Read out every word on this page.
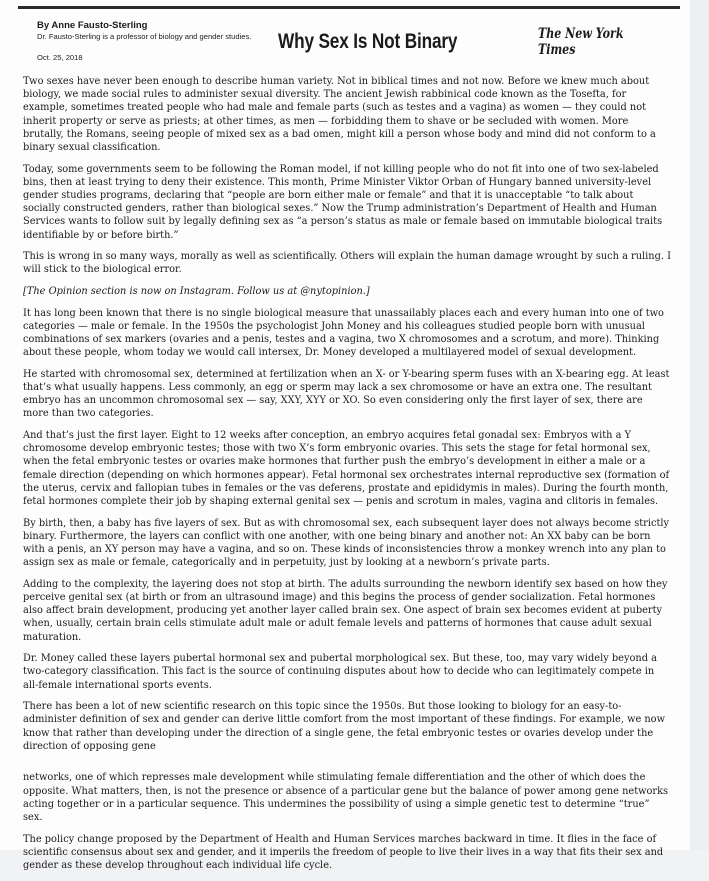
By Anne Fausto-Sterling
Dr. Fausto-Sterling is a professor of biology and gender studies.
Oct. 25, 2018
Why Sex Is Not Binary	The New York Times

Two sexes have never been enough to describe human variety. Not in biblical times and not now. Before we knew much about biology, we made social rules to administer sexual diversity. The ancient Jewish rabbinical code known as the Tosefta, for example, sometimes treated people who had male and female parts (such as testes and a vagina) as women — they could not inherit property or serve as priests; at other times, as men — forbidding them to shave or be secluded with women. More brutally, the Romans, seeing people of mixed sex as a bad omen, might kill a person whose body and mind did not conform to a binary sexual classification.

Today, some governments seem to be following the Roman model, if not killing people who do not fit into one of two sex-labeled bins, then at least trying to deny their existence. This month, Prime Minister Viktor Orban of Hungary banned university-level gender studies programs, declaring that “people are born either male or female” and that it is unacceptable “to talk about socially constructed genders, rather than biological sexes.” Now the Trump administration’s Department of Health and Human Services wants to follow suit by legally defining sex as “a person’s status as male or female based on immutable biological traits identifiable by or before birth.”

This is wrong in so many ways, morally as well as scientifically. Others will explain the human damage wrought by such a ruling. I will stick to the biological error.

[The Opinion section is now on Instagram. Follow us at @nytopinion.]

It has long been known that there is no single biological measure that unassailably places each and every human into one of two categories — male or female. In the 1950s the psychologist John Money and his colleagues studied people born with unusual combinations of sex markers (ovaries and a penis, testes and a vagina, two X chromosomes and a scrotum, and more). Thinking about these people, whom today we would call intersex, Dr. Money developed a multilayered model of sexual development.

He started with chromosomal sex, determined at fertilization when an X- or Y-bearing sperm fuses with an X-bearing egg. At least that’s what usually happens. Less commonly, an egg or sperm may lack a sex chromosome or have an extra one. The resultant embryo has an uncommon chromosomal sex — say, XXY, XYY or XO. So even considering only the first layer of sex, there are more than two categories.

And that’s just the first layer. Eight to 12 weeks after conception, an embryo acquires fetal gonadal sex: Embryos with a Y chromosome develop embryonic testes; those with two X’s form embryonic ovaries. This sets the stage for fetal hormonal sex, when the fetal embryonic testes or ovaries make hormones that further push the embryo’s development in either a male or a female direction (depending on which hormones appear). Fetal hormonal sex orchestrates internal reproductive sex (formation of the uterus, cervix and fallopian tubes in females or the vas deferens, prostate and epididymis in males). During the fourth month, fetal hormones complete their job by shaping external genital sex — penis and scrotum in males, vagina and clitoris in females.

By birth, then, a baby has five layers of sex. But as with chromosomal sex, each subsequent layer does not always become strictly binary. Furthermore, the layers can conflict with one another, with one being binary and another not: An XX baby can be born with a penis, an XY person may have a vagina, and so on. These kinds of inconsistencies throw a monkey wrench into any plan to assign sex as male or female, categorically and in perpetuity, just by looking at a newborn’s private parts.

Adding to the complexity, the layering does not stop at birth. The adults surrounding the newborn identify sex based on how they perceive genital sex (at birth or from an ultrasound image) and this begins the process of gender socialization. Fetal hormones also affect brain development, producing yet another layer called brain sex. One aspect of brain sex becomes evident at puberty when, usually, certain brain cells stimulate adult male or adult female levels and patterns of hormones that cause adult sexual maturation.

Dr. Money called these layers pubertal hormonal sex and pubertal morphological sex. But these, too, may vary widely beyond a two-category classification. This fact is the source of continuing disputes about how to decide who can legitimately compete in all-female international sports events.

There has been a lot of new scientific research on this topic since the 1950s. But those looking to biology for an easy-to-administer definition of sex and gender can derive little comfort from the most important of these findings. For example, we now know that rather than developing under the direction of a single gene, the fetal embryonic testes or ovaries develop under the direction of opposing gene

networks, one of which represses male development while stimulating female differentiation and the other of which does the opposite. What matters, then, is not the presence or absence of a particular gene but the balance of power among gene networks acting together or in a particular sequence. This undermines the possibility of using a simple genetic test to determine “true” sex.

The policy change proposed by the Department of Health and Human Services marches backward in time. It flies in the face of scientific consensus about sex and gender, and it imperils the freedom of people to live their lives in a way that fits their sex and gender as these develop throughout each individual life cycle.
